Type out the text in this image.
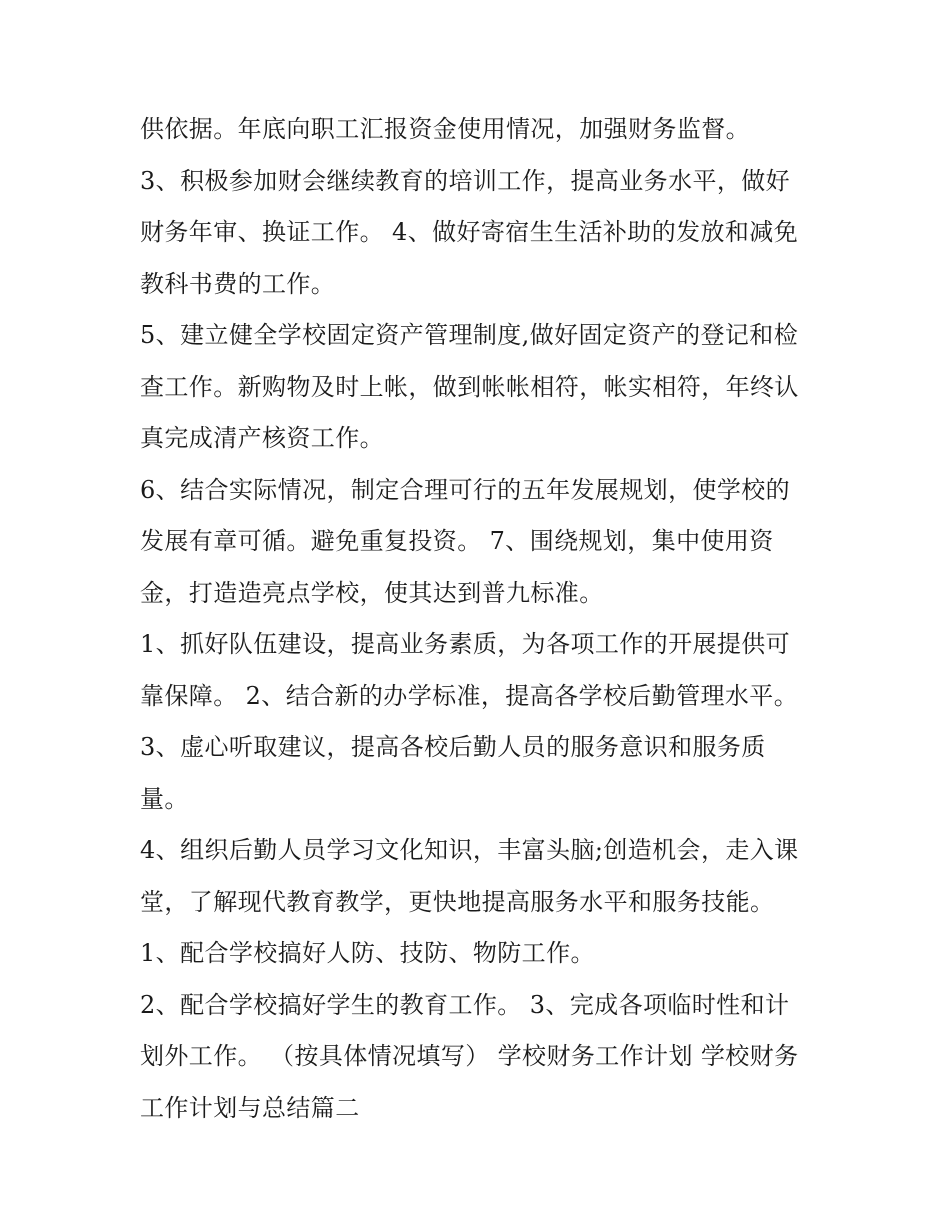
供依据。年底向职工汇报资金使用情况，加强财务监督。
3、积极参加财会继续教育的培训工作，提高业务水平，做好
财务年审、换证工作。 4、做好寄宿生生活补助的发放和减免
教科书费的工作。
5、建立健全学校固定资产管理制度,做好固定资产的登记和检
查工作。新购物及时上帐，做到帐帐相符，帐实相符，年终认
真完成清产核资工作。
6、结合实际情况，制定合理可行的五年发展规划，使学校的
发展有章可循。避免重复投资。 7、围绕规划，集中使用资
金，打造造亮点学校，使其达到普九标准。
1、抓好队伍建设，提高业务素质，为各项工作的开展提供可
靠保障。 2、结合新的办学标准，提高各学校后勤管理水平。
3、虚心听取建议，提高各校后勤人员的服务意识和服务质
量。
4、组织后勤人员学习文化知识，丰富头脑;创造机会，走入课
堂，了解现代教育教学，更快地提高服务水平和服务技能。
1、配合学校搞好人防、技防、物防工作。
2、配合学校搞好学生的教育工作。 3、完成各项临时性和计
划外工作。 （按具体情况填写） 学校财务工作计划 学校财务
工作计划与总结篇二
